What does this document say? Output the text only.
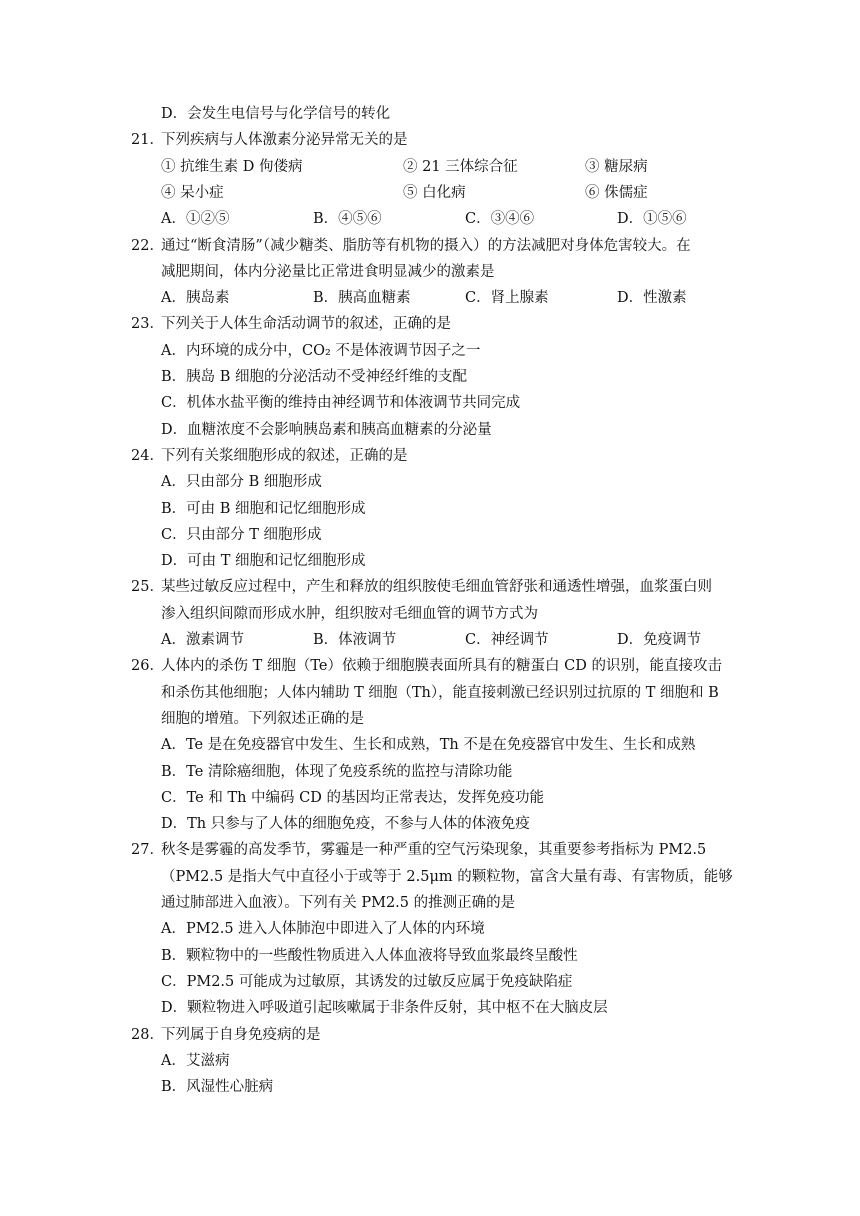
D．会发生电信号与化学信号的转化
21．
下列疾病与人体激素分泌异常无关的是
① 抗维生素 D 佝偻病	② 21 三体综合征	③ 糖尿病
④ 呆小症	⑤ 白化病	⑥ 侏儒症
A．①②⑤	B．④⑤⑥	C．③④⑥	D．①⑤⑥
22．
通过“断食清肠”（减少糖类、脂肪等有机物的摄入）的方法减肥对身体危害较大。在
减肥期间，体内分泌量比正常进食明显减少的激素是
A．胰岛素	B．胰高血糖素	C．肾上腺素	D．性激素
23．
下列关于人体生命活动调节的叙述，正确的是
A．内环境的成分中，CO₂ 不是体液调节因子之一
B．胰岛 B 细胞的分泌活动不受神经纤维的支配
C．机体水盐平衡的维持由神经调节和体液调节共同完成
D．血糖浓度不会影响胰岛素和胰高血糖素的分泌量
24．
下列有关浆细胞形成的叙述，正确的是
A．只由部分 B 细胞形成
B．可由 B 细胞和记忆细胞形成
C．只由部分 T 细胞形成
D．可由 T 细胞和记忆细胞形成
25．
某些过敏反应过程中，产生和释放的组织胺使毛细血管舒张和通透性增强，血浆蛋白则
渗入组织间隙而形成水肿，组织胺对毛细血管的调节方式为
A．激素调节	B．体液调节	C．神经调节	D．免疫调节
26．
人体内的杀伤 T 细胞（Te）依赖于细胞膜表面所具有的糖蛋白 CD 的识别，能直接攻击
和杀伤其他细胞；人体内辅助 T 细胞（Th），能直接刺激已经识别过抗原的 T 细胞和 B
细胞的增殖。下列叙述正确的是
A．Te 是在免疫器官中发生、生长和成熟，Th 不是在免疫器官中发生、生长和成熟
B．Te 清除癌细胞，体现了免疫系统的监控与清除功能
C．Te 和 Th 中编码 CD 的基因均正常表达，发挥免疫功能
D．Th 只参与了人体的细胞免疫，不参与人体的体液免疫
27．
秋冬是雾霾的高发季节，雾霾是一种严重的空气污染现象，其重要参考指标为 PM2.5
（PM2.5 是指大气中直径小于或等于 2.5μm 的颗粒物，富含大量有毒、有害物质，能够
通过肺部进入血液）。下列有关 PM2.5 的推测正确的是
A．PM2.5 进入人体肺泡中即进入了人体的内环境
B．颗粒物中的一些酸性物质进入人体血液将导致血浆最终呈酸性
C．PM2.5 可能成为过敏原，其诱发的过敏反应属于免疫缺陷症
D．颗粒物进入呼吸道引起咳嗽属于非条件反射，其中枢不在大脑皮层
28．
下列属于自身免疫病的是
A．艾滋病
B．风湿性心脏病
